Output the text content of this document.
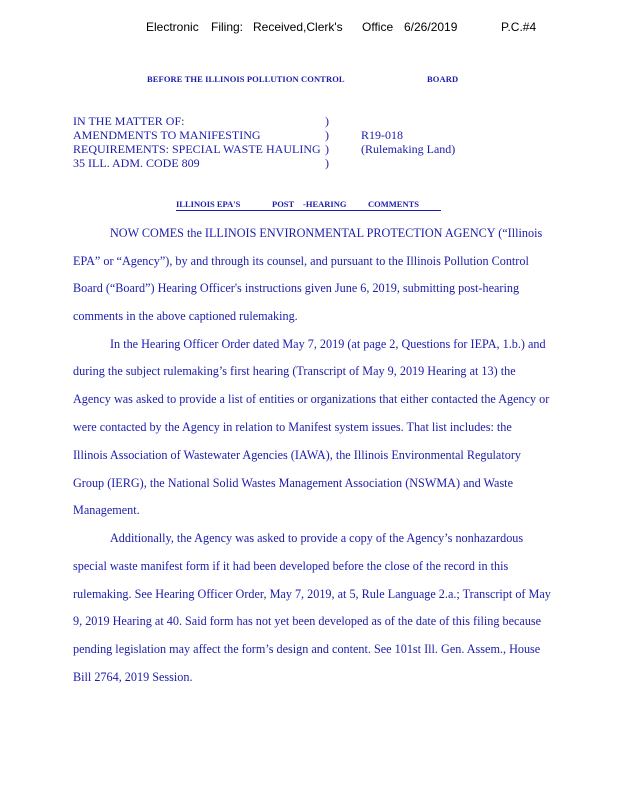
Electronic Filing: Received,Clerk's Office 6/26/2019	P.C.#4
BEFORE THE ILLINOIS POLLUTION CONTROL	BOARD
IN THE MATTER OF:	)
AMENDMENTS TO MANIFESTING	)	R19-018
REQUIREMENTS: SPECIAL WASTE HAULING )	(Rulemaking Land)
35 ILL. ADM. CODE 809	)
ILLINOIS EPA'S	POST -HEARING	COMMENTS
NOW COMES the ILLINOIS ENVIRONMENTAL PROTECTION AGENCY (“Illinois
EPA” or “Agency”), by and through its counsel, and pursuant to the Illinois Pollution Control
Board (“Board”) Hearing Officer's instructions given June 6, 2019, submitting post-hearing
comments in the above captioned rulemaking.
In the Hearing Officer Order dated May 7, 2019 (at page 2, Questions for IEPA, 1.b.) and
during the subject rulemaking’s first hearing (Transcript of May 9, 2019 Hearing at 13) the
Agency was asked to provide a list of entities or organizations that either contacted the Agency or
were contacted by the Agency in relation to Manifest system issues. That list includes: the
Illinois Association of Wastewater Agencies (IAWA), the Illinois Environmental Regulatory
Group (IERG), the National Solid Wastes Management Association (NSWMA) and Waste
Management.
Additionally, the Agency was asked to provide a copy of the Agency’s nonhazardous
special waste manifest form if it had been developed before the close of the record in this
rulemaking. See Hearing Officer Order, May 7, 2019, at 5, Rule Language 2.a.; Transcript of May
9, 2019 Hearing at 40. Said form has not yet been developed as of the date of this filing because
pending legislation may affect the form’s design and content. See 101st Ill. Gen. Assem., House
Bill 2764, 2019 Session.
